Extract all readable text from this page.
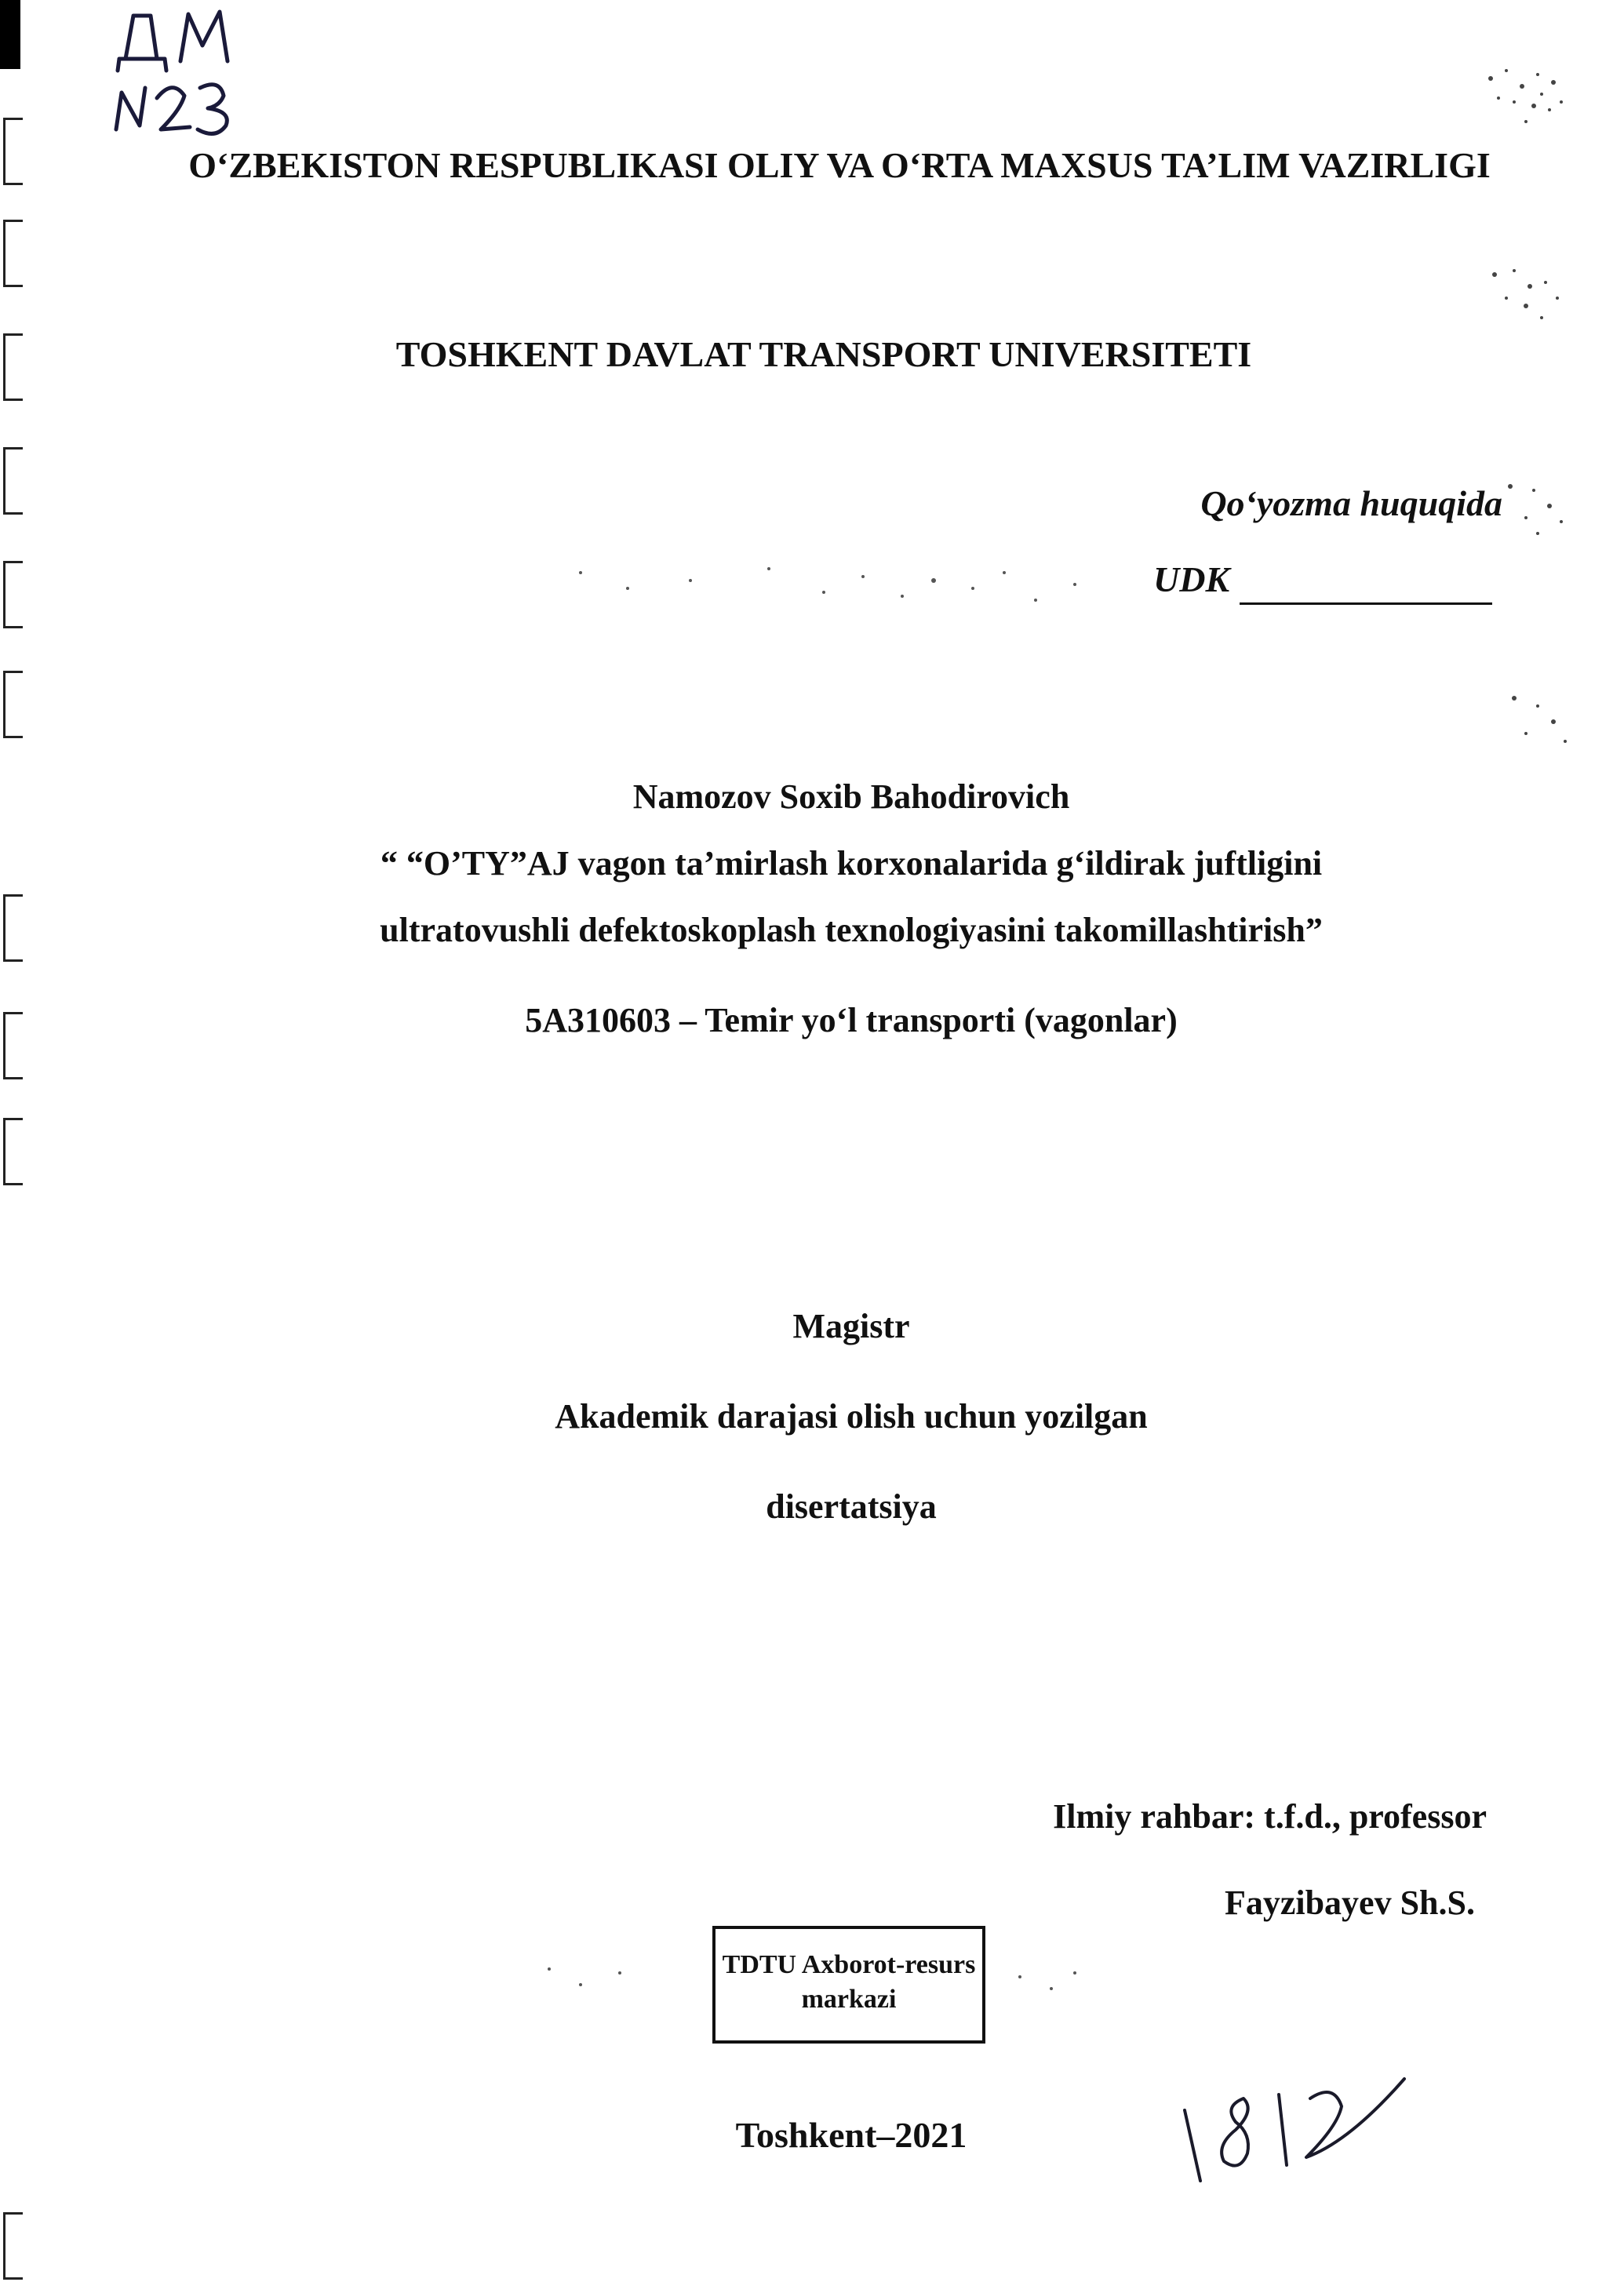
O‘ZBEKISTON RESPUBLIKASI OLIY VA O‘RTA MAXSUS TA’LIM VAZIRLIGI
TOSHKENT DAVLAT TRANSPORT UNIVERSITETI
Qo‘yozma huquqida
UDK
Namozov Soxib Bahodirovich
“ “O’TY”AJ vagon ta’mirlash korxonalarida g‘ildirak juftligini
ultratovushli defektoskoplash texnologiyasini takomillashtirish”
5A310603 – Temir yo‘l transporti (vagonlar)
Magistr
Akademik darajasi olish uchun yozilgan
disertatsiya
Ilmiy rahbar: t.f.d., professor
Fayzibayev Sh.S.
TDTU Axborot-resurs
markazi
Toshkent–2021
